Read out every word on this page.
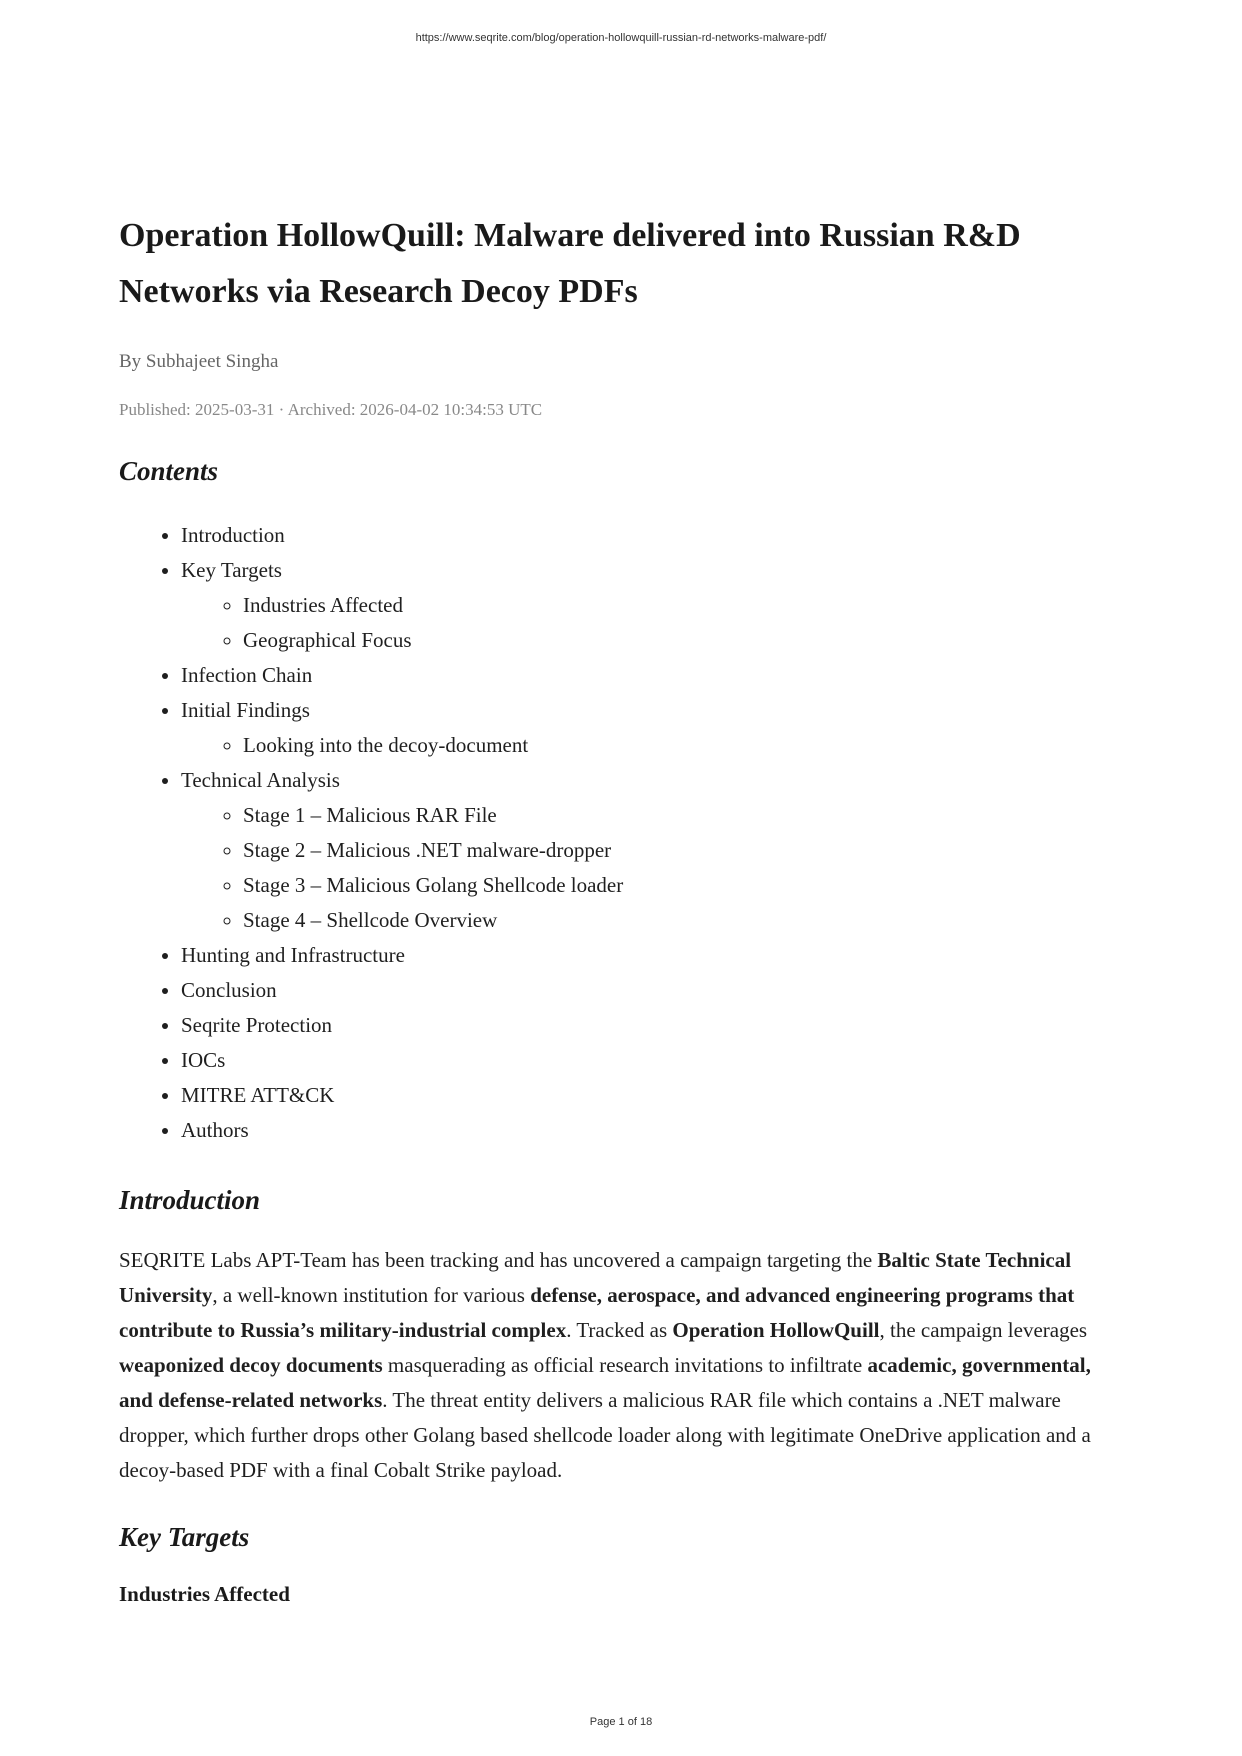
https://www.seqrite.com/blog/operation-hollowquill-russian-rd-networks-malware-pdf/
Operation HollowQuill: Malware delivered into Russian R&D
Networks via Research Decoy PDFs
By Subhajeet Singha
Published: 2025-03-31 · Archived: 2026-04-02 10:34:53 UTC
Contents
• Introduction
• Key Targets
◦ Industries Affected
◦ Geographical Focus
• Infection Chain
• Initial Findings
◦ Looking into the decoy-document
• Technical Analysis
◦ Stage 1 – Malicious RAR File
◦ Stage 2 – Malicious .NET malware-dropper
◦ Stage 3 – Malicious Golang Shellcode loader
◦ Stage 4 – Shellcode Overview
• Hunting and Infrastructure
• Conclusion
• Seqrite Protection
• IOCs
• MITRE ATT&CK
• Authors
Introduction

SEQRITE Labs APT-Team has been tracking and has uncovered a campaign targeting the Baltic State Technical University, a well-known institution for various defense, aerospace, and advanced engineering programs that contribute to Russia’s military-industrial complex. Tracked as Operation HollowQuill, the campaign leverages weaponized decoy documents masquerading as official research invitations to infiltrate academic, governmental, and defense-related networks. The threat entity delivers a malicious RAR file which contains a .NET malware dropper, which further drops other Golang based shellcode loader along with legitimate OneDrive application and a decoy-based PDF with a final Cobalt Strike payload.

Key Targets
Industries Affected
Page 1 of 18
